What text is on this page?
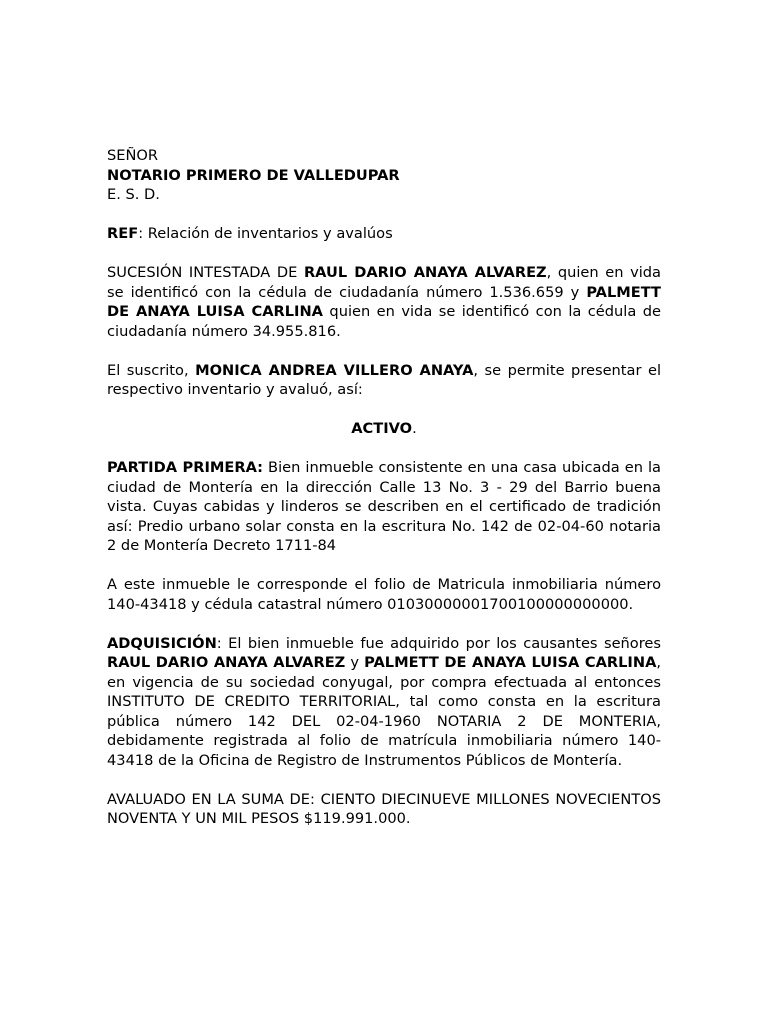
SEÑOR

NOTARIO PRIMERO DE VALLEDUPAR

E. S. D.

REF: Relación de inventarios y avalúos

SUCESIÓN INTESTADA DE RAUL DARIO ANAYA ALVAREZ, quien en vida se identificó con la cédula de ciudadanía número 1.536.659 y PALMETT DE ANAYA LUISA CARLINA quien en vida se identificó con la cédula de ciudadanía número 34.955.816.

El suscrito, MONICA ANDREA VILLERO ANAYA, se permite presentar el respectivo inventario y avaluó, así:

ACTIVO.

PARTIDA PRIMERA: Bien inmueble consistente en una casa ubicada en la ciudad de Montería en la dirección Calle 13 No. 3 - 29 del Barrio buena vista. Cuyas cabidas y linderos se describen en el certificado de tradición así: Predio urbano solar consta en la escritura No. 142 de 02-04-60 notaria 2 de Montería Decreto 1711-84

A este inmueble le corresponde el folio de Matricula inmobiliaria número 140-43418 y cédula catastral número 01030000001700100000000000.

ADQUISICIÓN: El bien inmueble fue adquirido por los causantes señores RAUL DARIO ANAYA ALVAREZ y PALMETT DE ANAYA LUISA CARLINA, en vigencia de su sociedad conyugal, por compra efectuada al entonces INSTITUTO DE CREDITO TERRITORIAL, tal como consta en la escritura pública número 142 DEL 02-04-1960 NOTARIA 2 DE MONTERIA, debidamente registrada al folio de matrícula inmobiliaria número 140-43418 de la Oficina de Registro de Instrumentos Públicos de Montería.

AVALUADO EN LA SUMA DE: CIENTO DIECINUEVE MILLONES NOVECIENTOS NOVENTA Y UN MIL PESOS $119.991.000.
